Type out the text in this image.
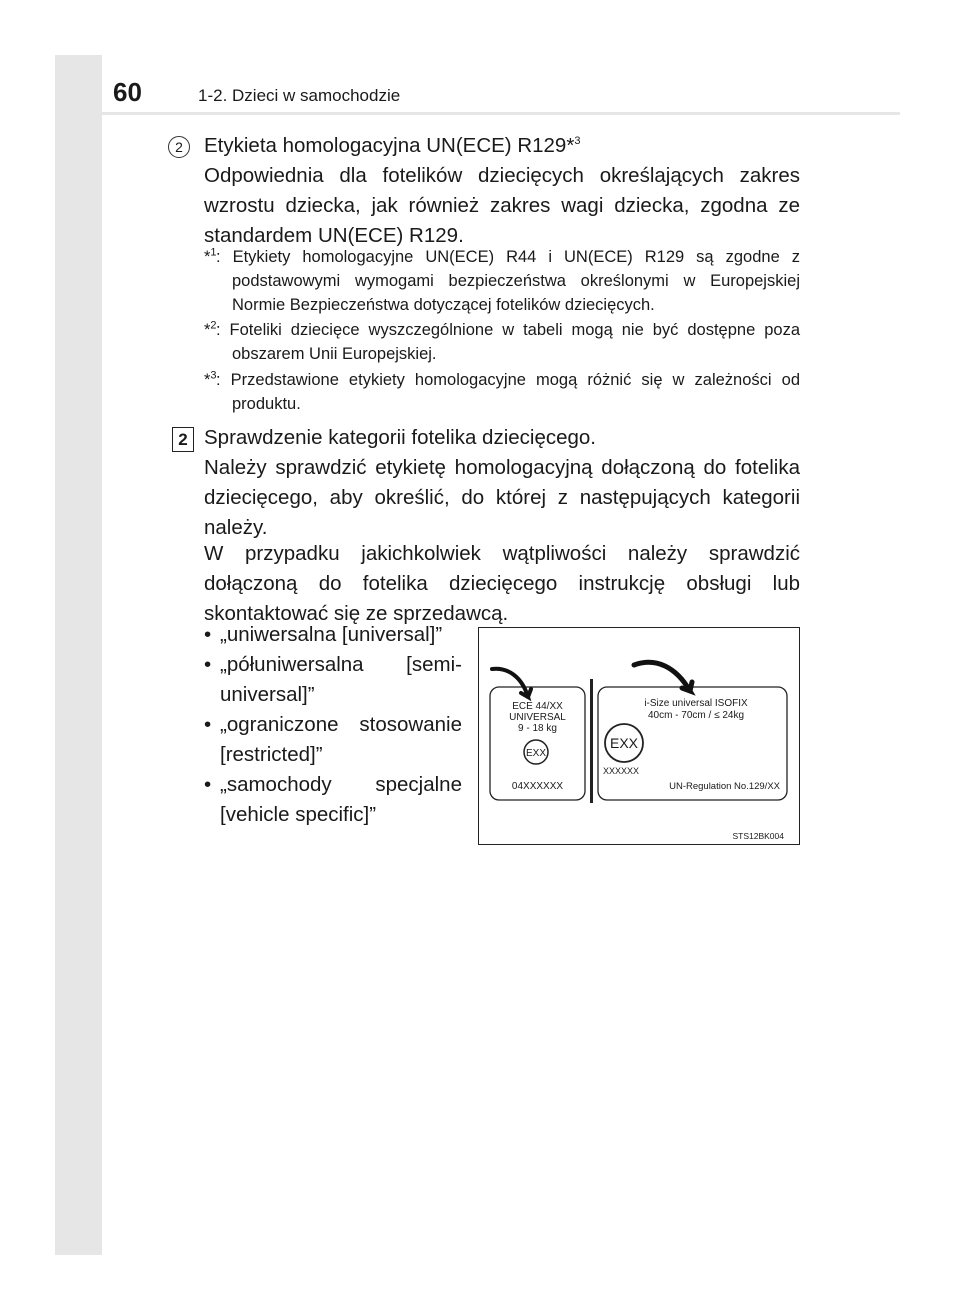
60	1-2. Dzieci w samochodzie
2	Etykieta homologacyjna UN(ECE) R129*$^3$
Odpowiednia dla fotelików dziecięcych określających zakres wzrostu dziecka, jak również zakres wagi dziecka, zgodna ze standardem UN(ECE) R129.
*$^1$ : Etykiety homologacyjne UN(ECE) R44 i UN(ECE) R129 są zgodne z podstawowymi wymogami bezpieczeństwa określonymi w Europejskiej Normie Bezpieczeństwa dotyczącej fotelików dziecięcych.
*$^2$ : Foteliki dziecięce wyszczególnione w tabeli mogą nie być dostępne poza obszarem Unii Europejskiej.
*$^3$ : Przedstawione etykiety homologacyjne mogą różnić się w zależności od produktu.
2 Sprawdzenie kategorii fotelika dziecięcego.
Należy sprawdzić etykietę homologacyjną dołączoną do fotelika dziecięcego, aby określić, do której z następujących kategorii należy.
W przypadku jakichkolwiek wątpliwości należy sprawdzić dołączoną do fotelika dziecięcego instrukcję obsługi lub skontaktować się ze sprzedawcą.
• „uniwersalna [universal]”
• „półuniwersalna [semi-
universal]”
• „ograniczone stosowanie
[restricted]”
• „samochody specjalne
[vehicle specific]”
ECE 44/XX
UNIVERSAL
9 - 18 kg
EXX
04XXXXXX
i-Size universal ISOFIX
40cm - 70cm / ≤ 24kg
EXX
XXXXXX
UN-Regulation No.129/XX
STS12BK004
